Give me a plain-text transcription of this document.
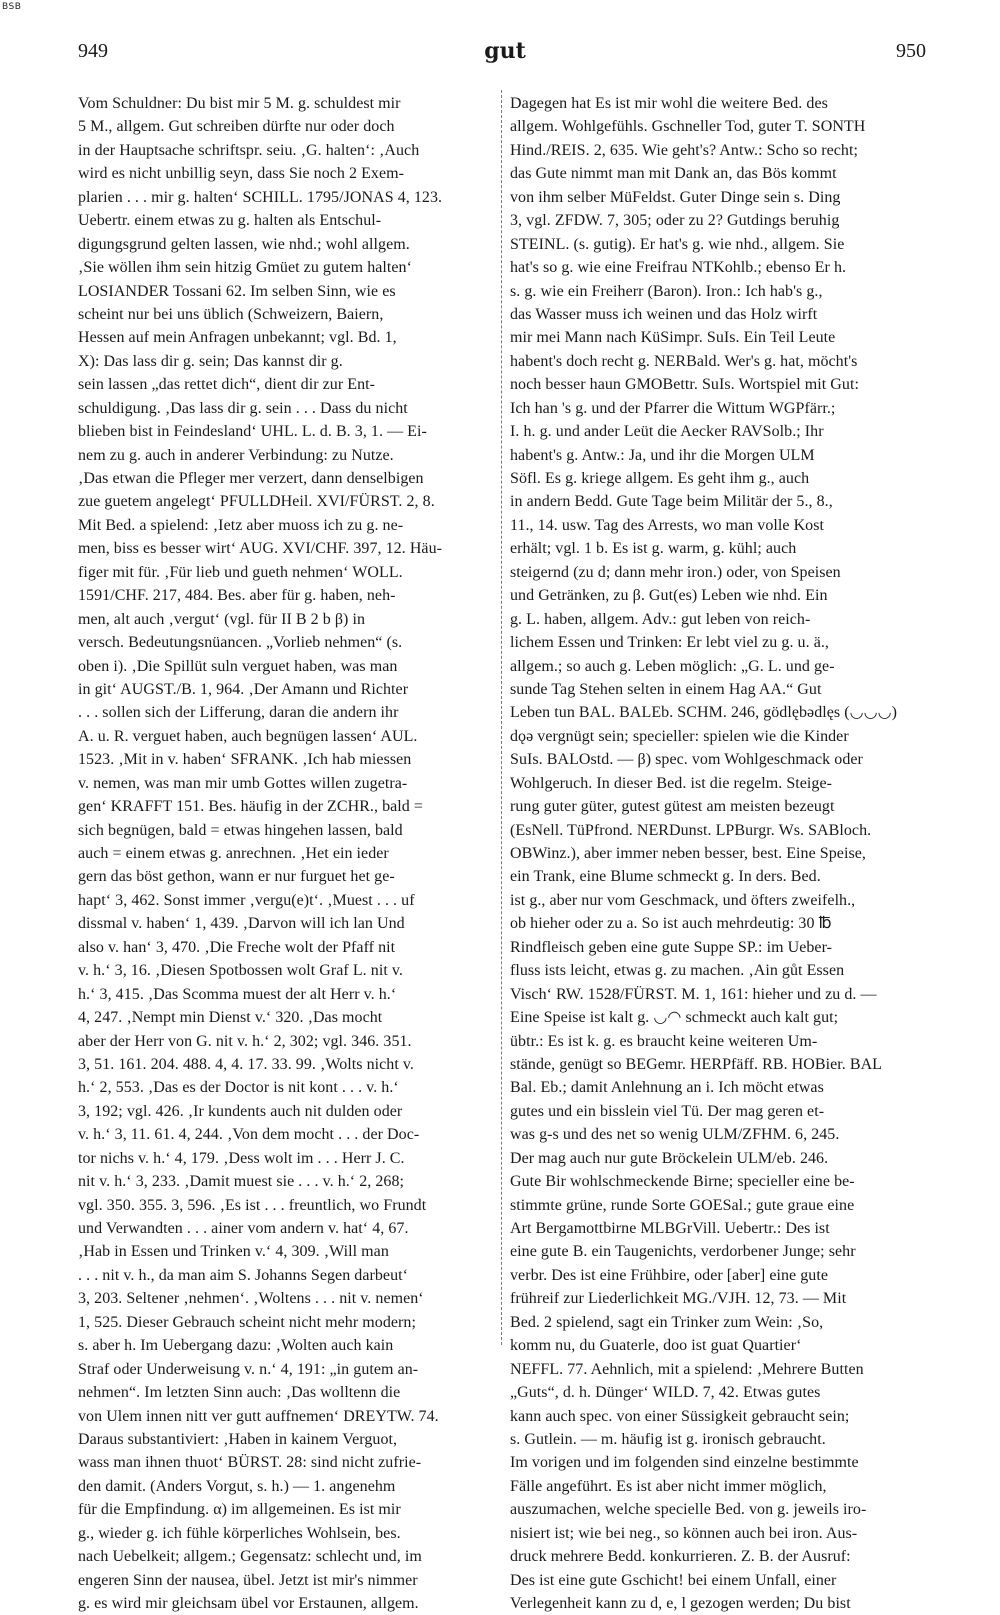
BSB
949	gut	950
Vom Schuldner: Du bist mir 5 M. g. schuldest mir
5 M., allgem. Gut schreiben dürfte nur oder doch
in der Hauptsache schriftspr. seiu. ‚G. halten‘: ‚Auch
wird es nicht unbillig seyn, dass Sie noch 2 Exem-
plarien . . . mir g. halten‘ SCHILL. 1795/JONAS 4, 123.
Uebertr. einem etwas zu g. halten als Entschul-
digungsgrund gelten lassen, wie nhd.; wohl allgem.
‚Sie wöllen ihm sein hitzig Gmüet zu gutem halten‘
LOSIANDER Tossani 62. Im selben Sinn, wie es
scheint nur bei uns üblich (Schweizern, Baiern,
Hessen auf mein Anfragen unbekannt; vgl. Bd. 1,
X): Das lass dir g. sein; Das kannst dir g.
sein lassen „das rettet dich“, dient dir zur Ent-
schuldigung. ‚Das lass dir g. sein . . . Dass du nicht
blieben bist in Feindesland‘ UHL. L. d. B. 3, 1. — Ei-
nem zu g. auch in anderer Verbindung: zu Nutze.
‚Das etwan die Pfleger mer verzert, dann denselbigen
zue guetem angelegt‘ PFULLDHeil. XVI/FÜRST. 2, 8.
Mit Bed. a spielend: ‚Ietz aber muoss ich zu g. ne-
men, biss es besser wirt‘ AUG. XVI/CHF. 397, 12. Häu-
figer mit für. ‚Für lieb und gueth nehmen‘ WOLL.
1591/CHF. 217, 484. Bes. aber für g. haben, neh-
men, alt auch ‚vergut‘ (vgl. für II B 2 b β) in
versch. Bedeutungsnüancen. „Vorlieb nehmen“ (s.
oben i). ‚Die Spillüt suln verguet haben, was man
in git‘ AUGST./B. 1, 964. ‚Der Amann und Richter
. . . sollen sich der Lifferung, daran die andern ihr
A. u. R. verguet haben, auch begnügen lassen‘ AUL.
1523. ‚Mit in v. haben‘ SFRANK. ‚Ich hab miessen
v. nemen, was man mir umb Gottes willen zugetra-
gen‘ KRAFFT 151. Bes. häufig in der ZCHR., bald =
sich begnügen, bald = etwas hingehen lassen, bald
auch = einem etwas g. anrechnen. ‚Het ein ieder
gern das böst gethon, wann er nur furguet het ge-
hapt‘ 3, 462. Sonst immer ‚vergu(e)t‘. ‚Muest . . . uf
dissmal v. haben‘ 1, 439. ‚Darvon will ich lan Und
also v. han‘ 3, 470. ‚Die Freche wolt der Pfaff nit
v. h.‘ 3, 16. ‚Diesen Spotbossen wolt Graf L. nit v.
h.‘ 3, 415. ‚Das Scomma muest der alt Herr v. h.‘
4, 247. ‚Nempt min Dienst v.‘ 320. ‚Das mocht
aber der Herr von G. nit v. h.‘ 2, 302; vgl. 346. 351.
3, 51. 161. 204. 488. 4, 4. 17. 33. 99. ‚Wolts nicht v.
h.‘ 2, 553. ‚Das es der Doctor is nit kont . . . v. h.‘
3, 192; vgl. 426. ‚Ir kundents auch nit dulden oder
v. h.‘ 3, 11. 61. 4, 244. ‚Von dem mocht . . . der Doc-
tor nichs v. h.‘ 4, 179. ‚Dess wolt im . . . Herr J. C.
nit v. h.‘ 3, 233. ‚Damit muest sie . . . v. h.‘ 2, 268;
vgl. 350. 355. 3, 596. ‚Es ist . . . freuntlich, wo Frundt
und Verwandten . . . ainer vom andern v. hat‘ 4, 67.
‚Hab in Essen und Trinken v.‘ 4, 309. ‚Will man
. . . nit v. h., da man aim S. Johanns Segen darbeut‘
3, 203. Seltener ‚nehmen‘. ‚Woltens . . . nit v. nemen‘
1, 525. Dieser Gebrauch scheint nicht mehr modern;
s. aber h. Im Uebergang dazu: ‚Wolten auch kain
Straf oder Underweisung v. n.‘ 4, 191: „in gutem an-
nehmen“. Im letzten Sinn auch: ‚Das wolltenn die
von Ulem innen nitt ver gutt auffnemen‘ DREYTW. 74.
Daraus substantiviert: ‚Haben in kainem Verguot,
wass man ihnen thuot‘ BÜRST. 28: sind nicht zufrie-
den damit. (Anders Vorgut, s. h.) — 1. angenehm
für die Empfindung. α) im allgemeinen. Es ist mir
g., wieder g. ich fühle körperliches Wohlsein, bes.
nach Uebelkeit; allgem.; Gegensatz: schlecht und, im
engeren Sinn der nausea, übel. Jetzt ist mir's nimmer
g. es wird mir gleichsam übel vor Erstaunen, allgem.
Dagegen hat Es ist mir wohl die weitere Bed. des
allgem. Wohlgefühls. Gschneller Tod, guter T. SONTH
Hind./REIS. 2, 635. Wie geht's? Antw.: Scho so recht;
das Gute nimmt man mit Dank an, das Bös kommt
von ihm selber MüFeldst. Guter Dinge sein s. Ding
3, vgl. ZFDW. 7, 305; oder zu 2? Gutdings beruhig
STEINL. (s. gutig). Er hat's g. wie nhd., allgem. Sie
hat's so g. wie eine Freifrau NTKohlb.; ebenso Er h.
s. g. wie ein Freiherr (Baron). Iron.: Ich hab's g.,
das Wasser muss ich weinen und das Holz wirft
mir mei Mann nach KüSimpr. SuIs. Ein Teil Leute
habent's doch recht g. NERBald. Wer's g. hat, möcht's
noch besser haun GMOBettr. SuIs. Wortspiel mit Gut:
Ich han 's g. und der Pfarrer die Wittum WGPfärr.;
I. h. g. und ander Leüt die Aecker RAVSolb.; Ihr
habent's g. Antw.: Ja, und ihr die Morgen ULM
Söfl. Es g. kriege allgem. Es geht ihm g., auch
in andern Bedd. Gute Tage beim Militär der 5., 8.,
11., 14. usw. Tag des Arrests, wo man volle Kost
erhält; vgl. 1 b. Es ist g. warm, g. kühl; auch
steigernd (zu d; dann mehr iron.) oder, von Speisen
und Getränken, zu β. Gut(es) Leben wie nhd. Ein
g. L. haben, allgem. Adv.: gut leben von reich-
lichem Essen und Trinken: Er lebt viel zu g. u. ä.,
allgem.; so auch g. Leben möglich: „G. L. und ge-
sunde Tag Stehen selten in einem Hag AA.“ Gut
Leben tun BAL. BALEb. SCHM. 246, gödlębədlęs (◡◡◡)
dǫə vergnügt sein; specieller: spielen wie die Kinder
SuIs. BALOstd. — β) spec. vom Wohlgeschmack oder
Wohlgeruch. In dieser Bed. ist die regelm. Steige-
rung guter güter, gutest gütest am meisten bezeugt
(EsNell. TüPfrond. NERDunst. LPBurgr. Ws. SABloch.
OBWinz.), aber immer neben besser, best. Eine Speise,
ein Trank, eine Blume schmeckt g. In ders. Bed.
ist g., aber nur vom Geschmack, und öfters zweifelh.,
ob hieher oder zu a. So ist auch mehrdeutig: 30 ℔
Rindfleisch geben eine gute Suppe SP.: im Ueber-
fluss ists leicht, etwas g. zu machen. ‚Ain gůt Essen
Visch‘ RW. 1528/FÜRST. M. 1, 161: hieher und zu d. —
Eine Speise ist kalt g. ◡◠ schmeckt auch kalt gut;
übtr.: Es ist k. g. es braucht keine weiteren Um-
stände, genügt so BEGemr. HERPfäff. RB. HOBier. BAL
Bal. Eb.; damit Anlehnung an i. Ich möcht etwas
gutes und ein bisslein viel Tü. Der mag geren et-
was g-s und des net so wenig ULM/ZFHM. 6, 245.
Der mag auch nur gute Bröckelein ULM/eb. 246.
Gute Bir wohlschmeckende Birne; specieller eine be-
stimmte grüne, runde Sorte GOESal.; gute graue eine
Art Bergamottbirne MLBGrVill. Uebertr.: Des ist
eine gute B. ein Taugenichts, verdorbener Junge; sehr
verbr. Des ist eine Frühbire, oder [aber] eine gute
frühreif zur Liederlichkeit MG./VJH. 12, 73. — Mit
Bed. 2 spielend, sagt ein Trinker zum Wein: ‚So,
komm nu, du Guaterle, doo ist guat Quartier‘
NEFFL. 77. Aehnlich, mit a spielend: ‚Mehrere Butten
„Guts“, d. h. Dünger‘ WILD. 7, 42. Etwas gutes
kann auch spec. von einer Süssigkeit gebraucht sein;
s. Gutlein. — m. häufig ist g. ironisch gebraucht.
Im vorigen und im folgenden sind einzelne bestimmte
Fälle angeführt. Es ist aber nicht immer möglich,
auszumachen, welche specielle Bed. von g. jeweils iro-
nisiert ist; wie bei neg., so können auch bei iron. Aus-
druck mehrere Bedd. konkurrieren. Z. B. der Ausruf:
Des ist eine gute Gschicht! bei einem Unfall, einer
Verlegenheit kann zu d, e, l gezogen werden; Du bist
